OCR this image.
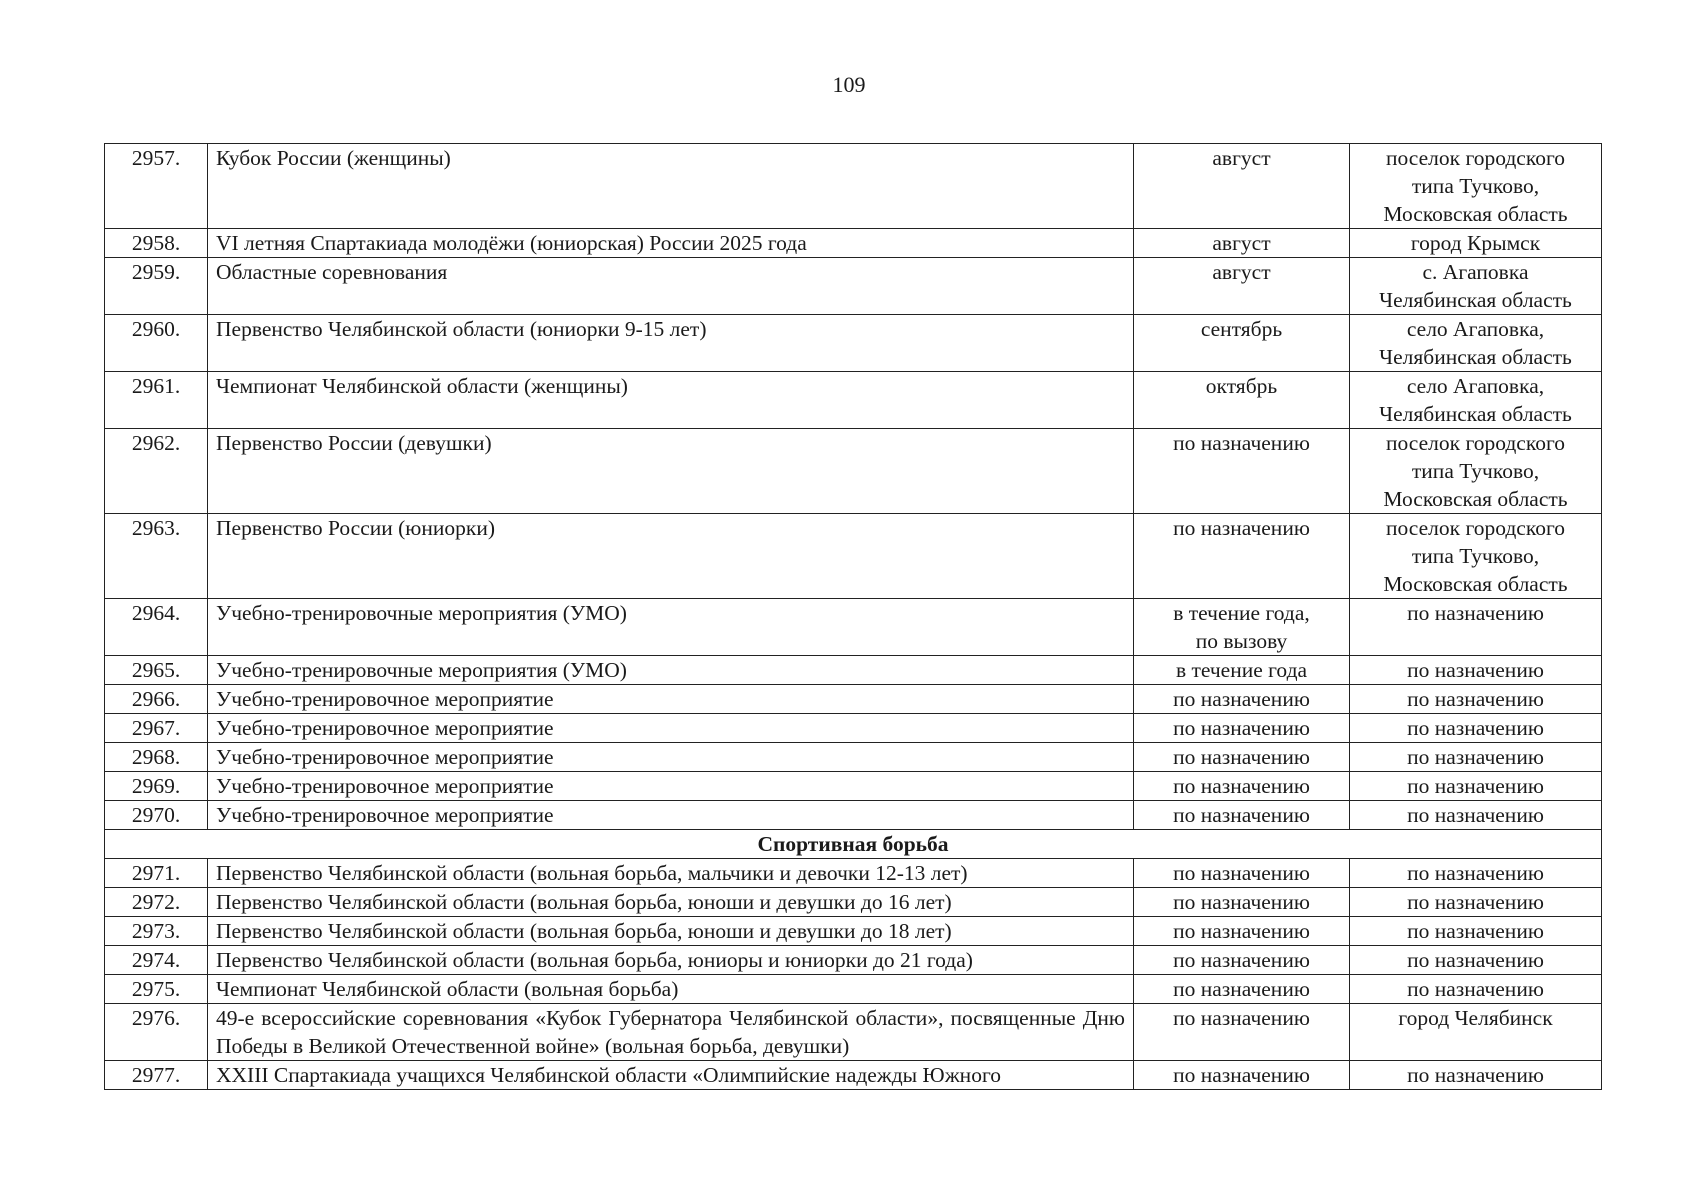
109
2957.	Кубок России (женщины)	август	поселок городского
типа Тучково,
Московская область
2958.	VI летняя Спартакиада молодёжи (юниорская) России 2025 года	август	город Крымск
2959.	Областные соревнования	август	с. Агаповка
Челябинская область
2960.	Первенство Челябинской области (юниорки 9-15 лет)	сентябрь	село Агаповка,
Челябинская область
2961.	Чемпионат Челябинской области (женщины)	октябрь	село Агаповка,
Челябинская область
2962.	Первенство России (девушки)	по назначению	поселок городского
типа Тучково,
Московская область
2963.	Первенство России (юниорки)	по назначению	поселок городского
типа Тучково,
Московская область
2964.	Учебно-тренировочные мероприятия (УМО)	в течение года,
по вызову	по назначению
2965.	Учебно-тренировочные мероприятия (УМО)	в течение года	по назначению
2966.	Учебно-тренировочное мероприятие	по назначению	по назначению
2967.	Учебно-тренировочное мероприятие	по назначению	по назначению
2968.	Учебно-тренировочное мероприятие	по назначению	по назначению
2969.	Учебно-тренировочное мероприятие	по назначению	по назначению
2970.	Учебно-тренировочное мероприятие	по назначению	по назначению
Спортивная борьба			
2971.	Первенство Челябинской области (вольная борьба, мальчики и девочки 12-13 лет)	по назначению	по назначению
2972.	Первенство Челябинской области (вольная борьба, юноши и девушки до 16 лет)	по назначению	по назначению
2973.	Первенство Челябинской области (вольная борьба, юноши и девушки до 18 лет)	по назначению	по назначению
2974.	Первенство Челябинской области (вольная борьба, юниоры и юниорки до 21 года)	по назначению	по назначению
2975.	Чемпионат Челябинской области (вольная борьба)	по назначению	по назначению
2976.	49-е всероссийские соревнования «Кубок Губернатора Челябинской области», посвященные Дню Победы в Великой Отечественной войне» (вольная борьба, девушки)	по назначению	город Челябинск
2977.	XXIII Спартакиада учащихся Челябинской области «Олимпийские надежды Южного	по назначению	по назначению
